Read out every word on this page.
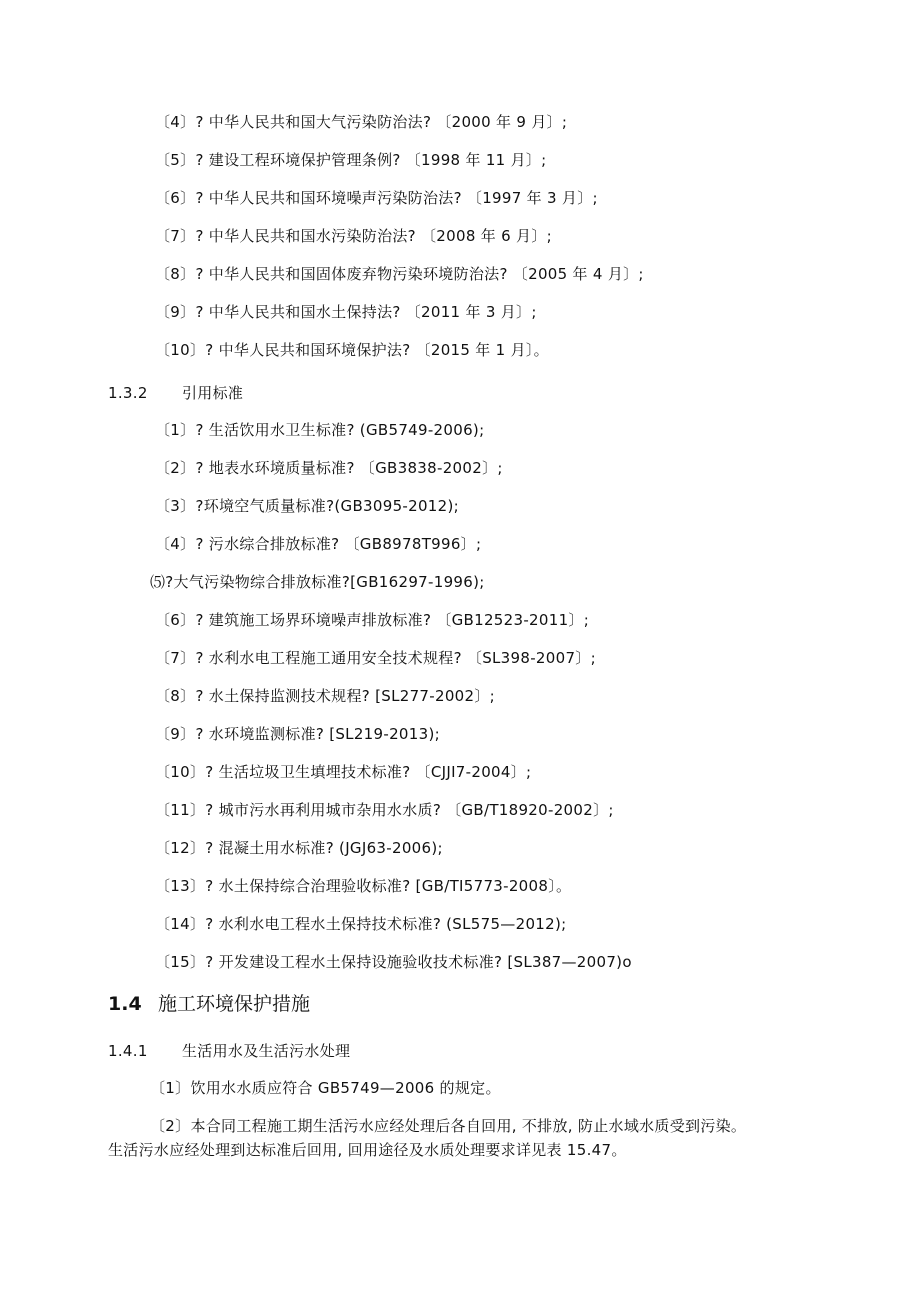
〔4〕? 中华人民共和国大气污染防治法? 〔2000 年 9 月〕;
〔5〕? 建设工程环境保护管理条例? 〔1998 年 11 月〕;
〔6〕? 中华人民共和国环境噪声污染防治法? 〔1997 年 3 月〕;
〔7〕? 中华人民共和国水污染防治法? 〔2008 年 6 月〕;
〔8〕? 中华人民共和国固体废弃物污染环境防治法? 〔2005 年 4 月〕;
〔9〕? 中华人民共和国水土保持法? 〔2011 年 3 月〕;
〔10〕? 中华人民共和国环境保护法? 〔2015 年 1 月〕。
1.3.2 引用标准
〔1〕? 生活饮用水卫生标准? (GB5749-2006);
〔2〕? 地表水环境质量标准? 〔GB3838-2002〕;
〔3〕?环境空气质量标准?(GB3095-2012);
〔4〕? 污水综合排放标准? 〔GB8978T996〕;
⑸?大气污染物综合排放标准?[GB16297-1996);
〔6〕? 建筑施工场界环境噪声排放标准? 〔GB12523-2011〕;
〔7〕? 水利水电工程施工通用安全技术规程? 〔SL398-2007〕;
〔8〕? 水土保持监测技术规程? [SL277-2002〕;
〔9〕? 水环境监测标准? [SL219-2013);
〔10〕? 生活垃圾卫生填埋技术标准? 〔CJJI7-2004〕;
〔11〕? 城市污水再利用城市杂用水水质? 〔GB/T18920-2002〕;
〔12〕? 混凝土用水标准? (JGJ63-2006);
〔13〕? 水土保持综合治理验收标准? [GB/TI5773-2008〕。
〔14〕? 水利水电工程水土保持技术标准? (SL575—2012);
〔15〕? 开发建设工程水土保持设施验收技术标准? [SL387—2007)o
1.4 施工环境保护措施
1.4.1 生活用水及生活污水处理
〔1〕饮用水水质应符合 GB5749—2006 的规定。
〔2〕本合同工程施工期生活污水应经处理后各自回用, 不排放, 防止水域水质受到污染。
生活污水应经处理到达标准后回用, 回用途径及水质处理要求详见表 15.47。
